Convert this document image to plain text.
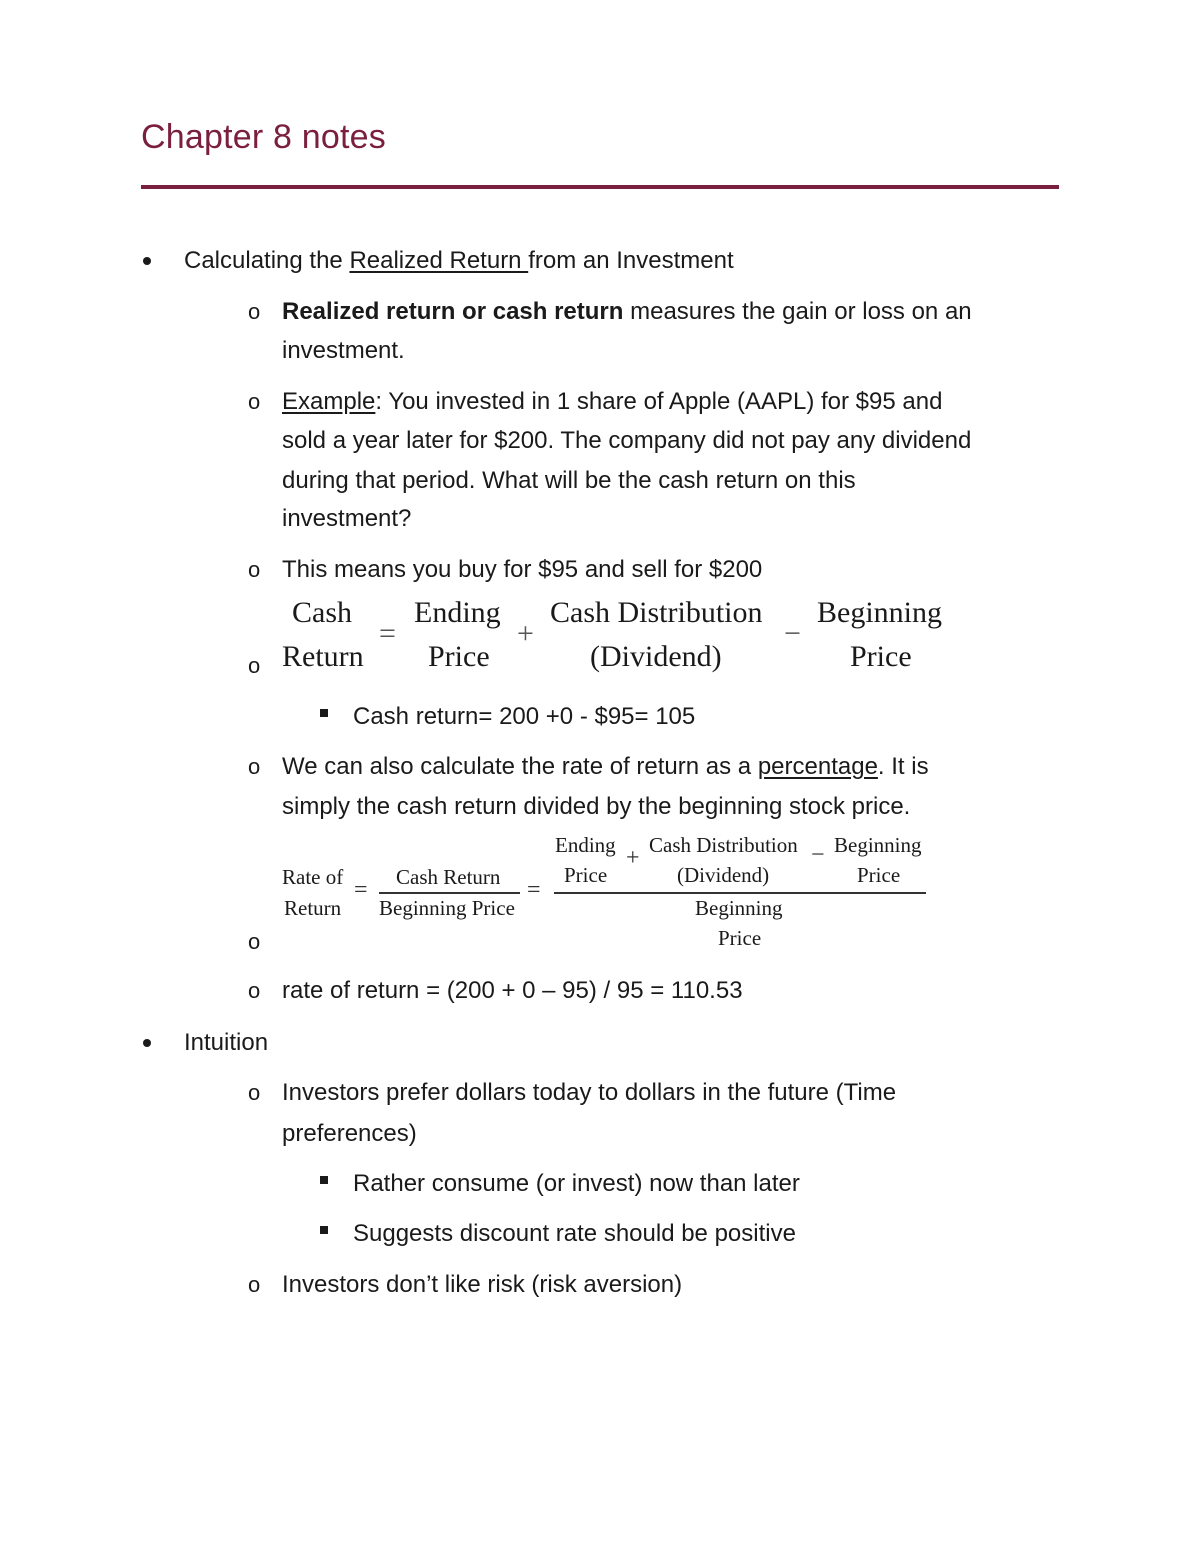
Chapter 8 notes
Calculating the Realized Return from an Investment
o Realized return or cash return measures the gain or loss on an
investment.
o Example: You invested in 1 share of Apple (AAPL) for $95 and
sold a year later for $200. The company did not pay any dividend
during that period. What will be the cash return on this
investment?
o This means you buy for $95 and sell for $200
o
Cash
Return
=
Ending
Price
+
Cash Distribution
(Dividend)
−
Beginning
Price
Cash return= 200 +0 - $95= 105
o We can also calculate the rate of return as a percentage. It is
simply the cash return divided by the beginning stock price.
o
Rate of
Return
= Cash Return
Beginning Price
=
Ending
Price
+ Cash Distribution
(Dividend)
− Beginning
Price
Beginning
Price
o rate of return = (200 + 0 – 95) / 95 = 110.53
Intuition
o Investors prefer dollars today to dollars in the future (Time
preferences)
Rather consume (or invest) now than later
Suggests discount rate should be positive
o Investors don’t like risk (risk aversion)
